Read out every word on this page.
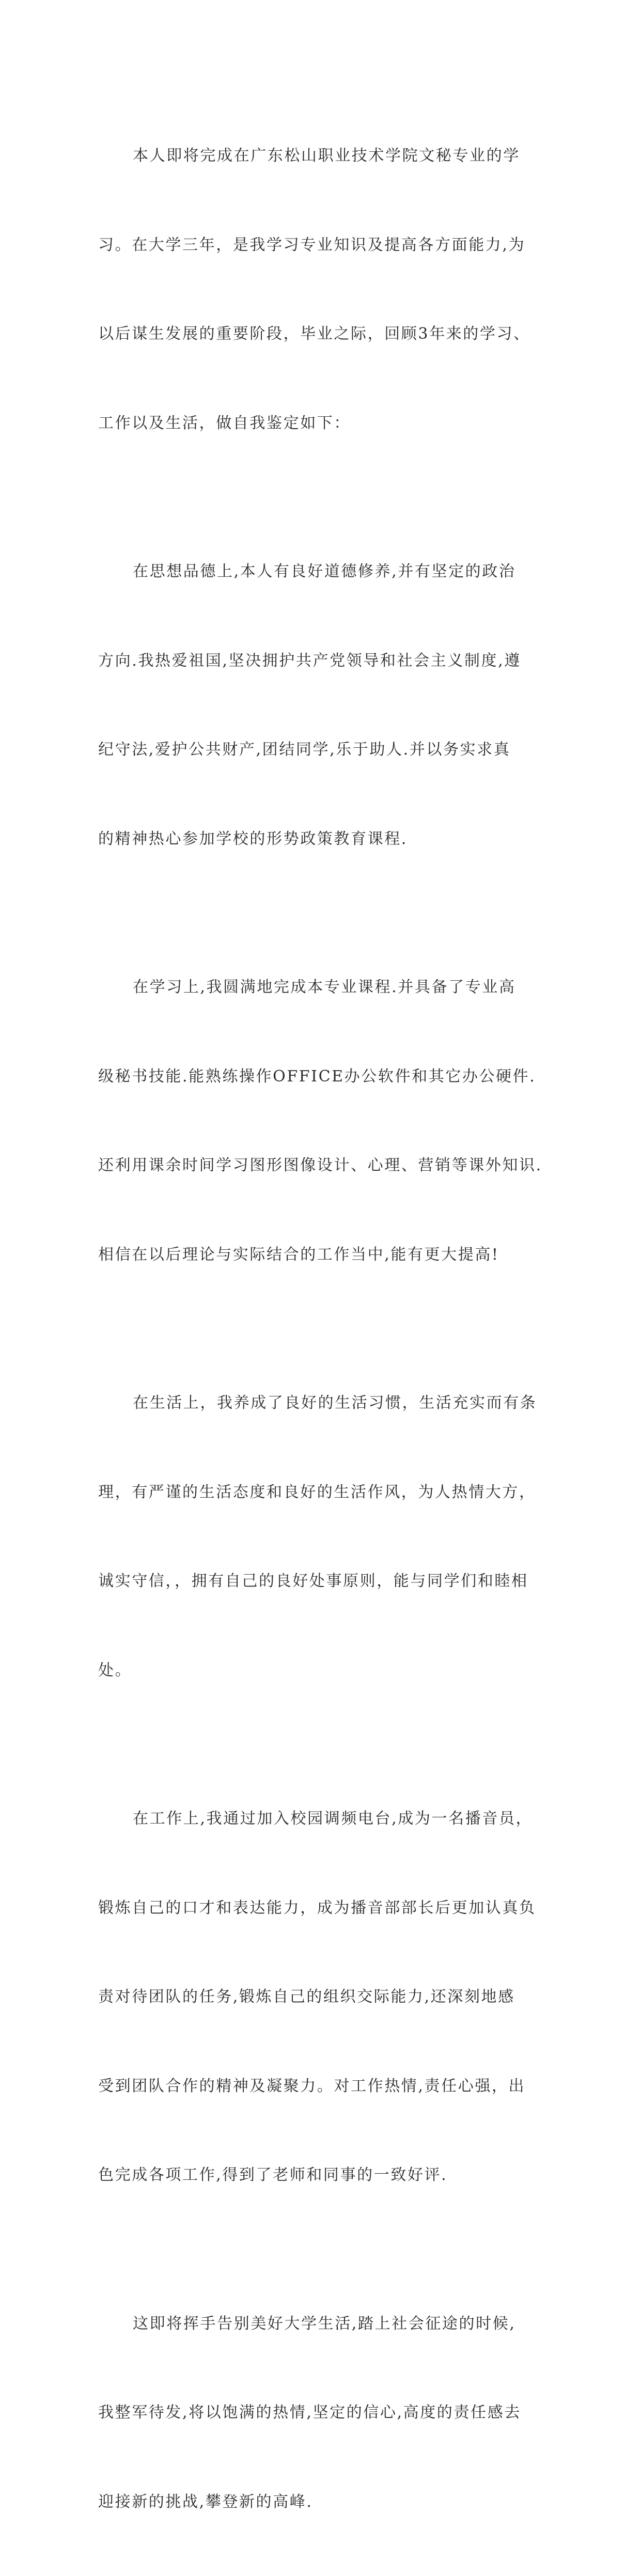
本人即将完成在广东松山职业技术学院文秘专业的学

习。在大学三年，是我学习专业知识及提高各方面能力,为

以后谋生发展的重要阶段，毕业之际，回顾3年来的学习、

工作以及生活，做自我鉴定如下：

在思想品德上,本人有良好道德修养,并有坚定的政治

方向.我热爱祖国,坚决拥护共产党领导和社会主义制度,遵

纪守法,爱护公共财产,团结同学,乐于助人.并以务实求真

的精神热心参加学校的形势政策教育课程.

在学习上,我圆满地完成本专业课程.并具备了专业高

级秘书技能.能熟练操作OFFICE办公软件和其它办公硬件.

还利用课余时间学习图形图像设计、心理、营销等课外知识.

相信在以后理论与实际结合的工作当中,能有更大提高!

在生活上，我养成了良好的生活习惯，生活充实而有条

理，有严谨的生活态度和良好的生活作风，为人热情大方，

诚实守信，，拥有自己的良好处事原则，能与同学们和睦相

处。

在工作上,我通过加入校园调频电台,成为一名播音员，

锻炼自己的口才和表达能力，成为播音部部长后更加认真负

责对待团队的任务,锻炼自己的组织交际能力,还深刻地感

受到团队合作的精神及凝聚力。对工作热情,责任心强，出

色完成各项工作,得到了老师和同事的一致好评.

这即将挥手告别美好大学生活,踏上社会征途的时候,

我整军待发,将以饱满的热情,坚定的信心,高度的责任感去

迎接新的挑战,攀登新的高峰.
